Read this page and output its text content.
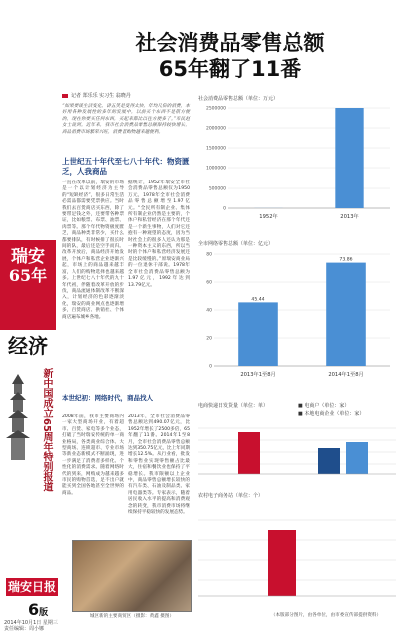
瑞安
65年
经济
新中国成立65周年特别报道
瑞安日报
6版
2014年10月1日 星期三 责任编辑：周小娜
社会消费品零售总额
65年翻了11番
记者 郑乐乐 实习生 翁晓丹
“如果要谈生活变化，讲五笑是变得太快，年均几倍的消费，本好用各种发展性的多年的发展中，以前买个东西不是很方便的，现在你要买任何东西，买起来都比以往方便多了。”市民赵女士说到。近年来，我市社会消费品零售总额保持较快增长，商品消费市场繁荣兴旺，消费者购物越来越便利。
上世纪五十年代至七八十年代：物资匮乏，人我商品
一直在改革以前，瑞安的市场是一个以计划经济为主导的“短缺经济”，很多日常生活必需品都需要凭票供应。当时我们去百货商店买东西，除了要带足钱之外，还要带各种票证，比如粮票、布票、油票、肉票等。那个年代物资极度匮乏，商品种类非常少，买什么都要排队，有时候排了很长时间的队，最后还是空手而归。改革开放后，商品经济开始发展，个体户和私营企业逐渐兴起，市场上的商品越来越丰富，人们的购物选择也越来越多。上世纪七八十年代的九十年代初，伴随着改革开放的步伐，商品流通体制改革不断深入，计划经济的色彩逐渐淡化，瑞安的商业网点也逐渐增多，百货商店、供销社、个体商店遍布城乡各地。
据统计，1952年瑞安全市社会消费品零售总额仅为1950万元，1978年全市社会消费品零售总额增至1.97亿元。“全民所有制企业、集体所有制企业仍然是主要的，个体户和私营经济在那个年代还是一个新生事物，人们对它还抱有一种观望的态度，因为当时社会上的很多人还认为那是一种资本主义的东西，所以当时的个体户和私营经济发展还是比较缓慢的。”原瑞安商业局的一位退休干部说。1978年全市社会消费品零售总额为1.97亿元，1992年达到13.79亿元。
本世纪初：网络时代，商品找人
2008年前，我市主要商场内一家大型商场开业，有着超市、百货、家电等多个业态，打破了当时瑞安传统的单一商业格局，各类商业综合体、大型商场、连锁超市、专业市场等新业态新模式不断涌现，进一步满足了消费者多样化、个性化的消费需求。随着网络时代的到来，网购成为越来越多市民的购物首选，足不出户就能买到全国各地甚至全世界的商品。
2013年，全市社会消费品零售总额达到490.07亿元，比1952年增长了2500多倍，65年翻了11番。2014年1至8月，全市社会消费品零售总额达到350.75亿元，比上年同期增长12.5%。从行业看，批发和零售业实现零售额占比最大，住宿和餐饮业也保持了平稳增长。我市限额以上企业中，商品零售总额增长较快的有汽车类、石油及制品类、家用电器类等。专家表示，随着居民收入水平的提高和消费观念的转变，我市消费市场将继续保持平稳较快的发展态势。
城区新的主要商贸区（摄影：黄鑫 摄图）
社会消费品零售总额（单位：万元）
0
500000
1000000
1500000
2000000
2500000
1952年	2013年
全市网络零售总额（单位：亿元）
0
20
40
60
80
2013年1至8月
45.44
2014年1至8月
73.86
电商快递日发货量（单位：单）	■ 电商户（单位：家）
■ 本地电商企业（单位：家）
农村电子商务站（单位：个）
（本版部分图片，由各单位，由市委宣传部提供资料）
